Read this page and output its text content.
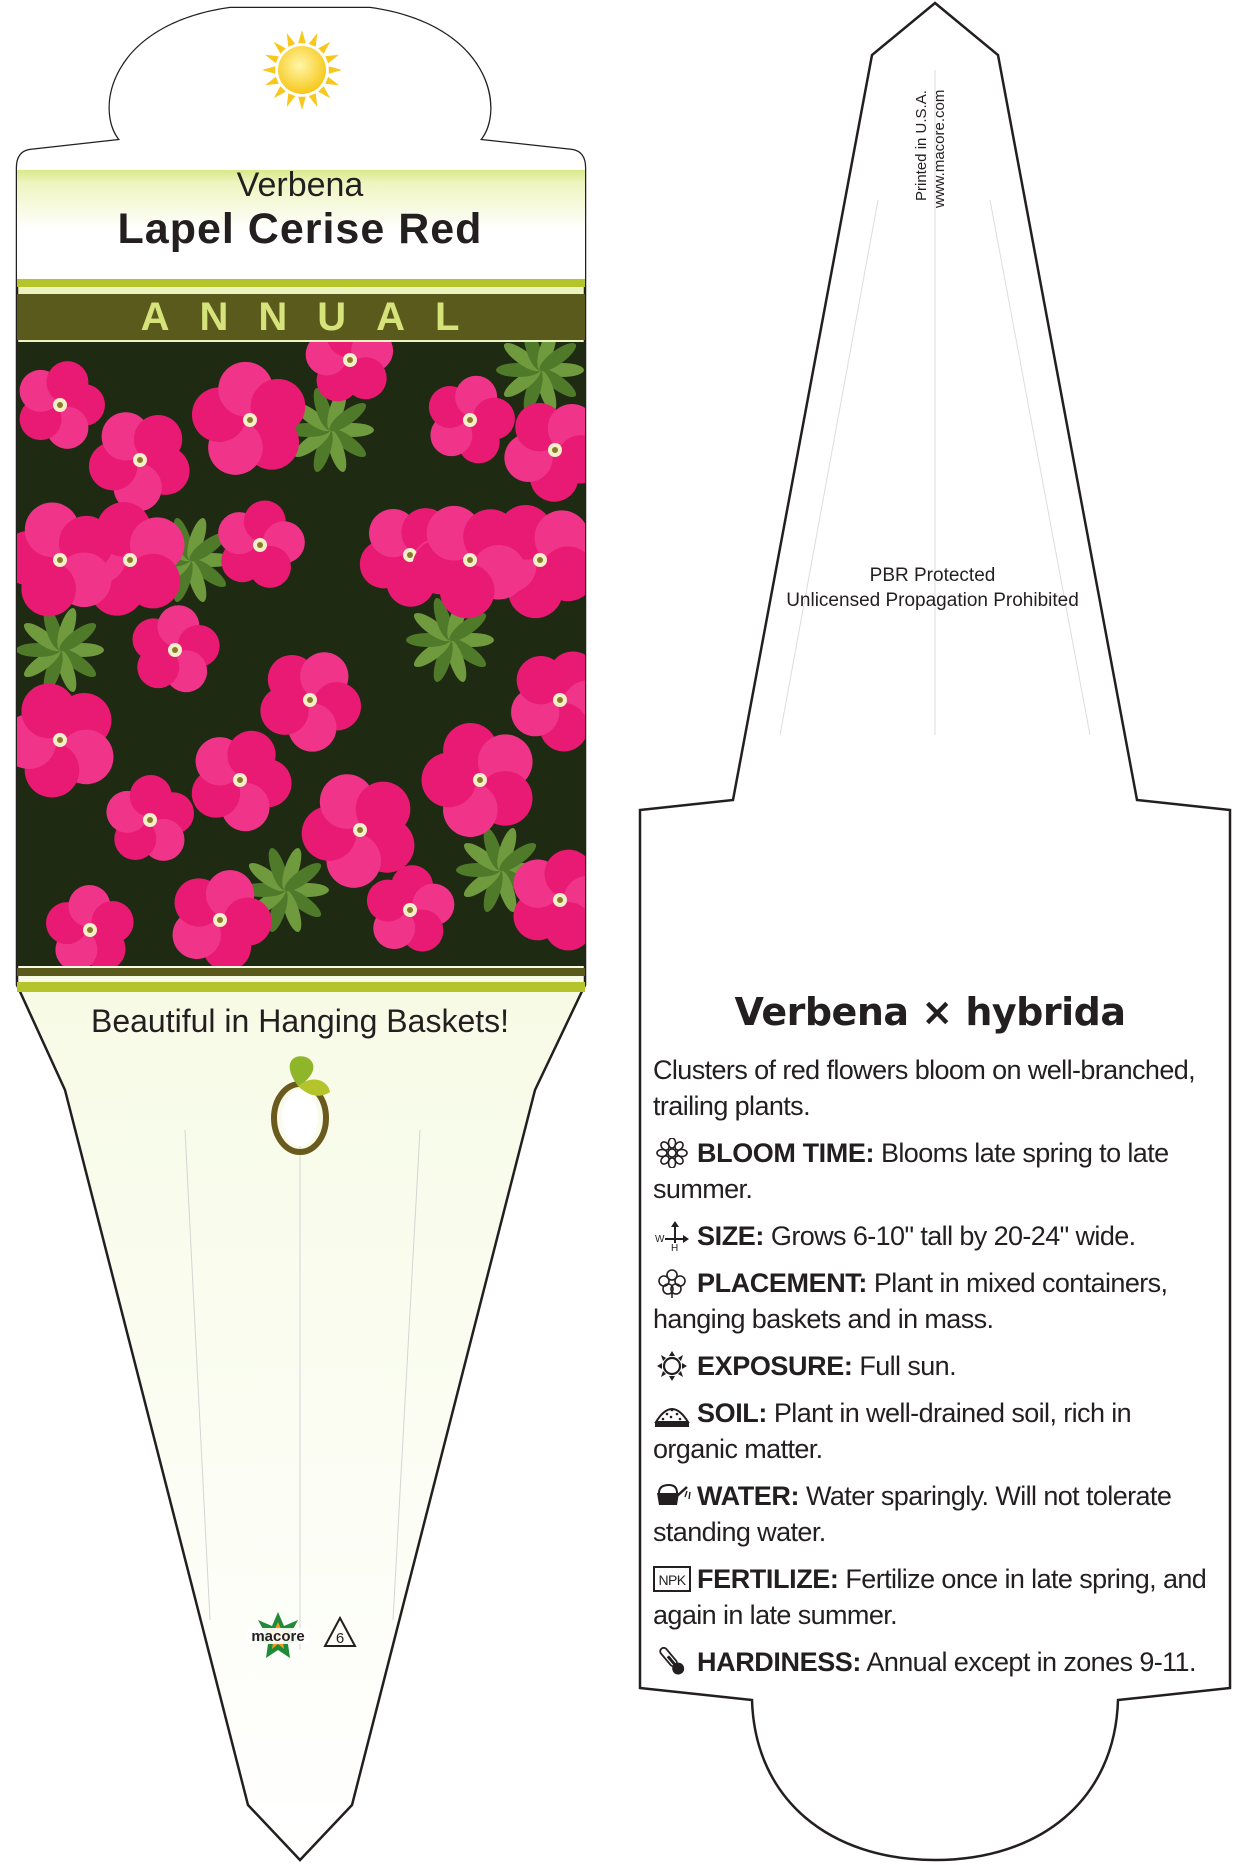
Verbena
Lapel Cerise Red
ANNUAL
Beautiful in Hanging Baskets!
macore 6
Printed in U.S.A.
www.macore.com
PBR Protected
Unlicensed Propagation Prohibited
Verbena × hybrida

Clusters of red flowers bloom on well-branched, trailing plants.

BLOOM TIME: Blooms late spring to late summer.

W
H SIZE: Grows 6-10" tall by 20-24" wide.

PLACEMENT: Plant in mixed containers, hanging baskets and in mass.

EXPOSURE: Full sun.

SOIL: Plant in well-drained soil, rich in organic matter.

WATER: Water sparingly. Will not tolerate standing water.

NPK FERTILIZE: Fertilize once in late spring, and again in late summer.

HARDINESS: Annual except in zones 9-11.
